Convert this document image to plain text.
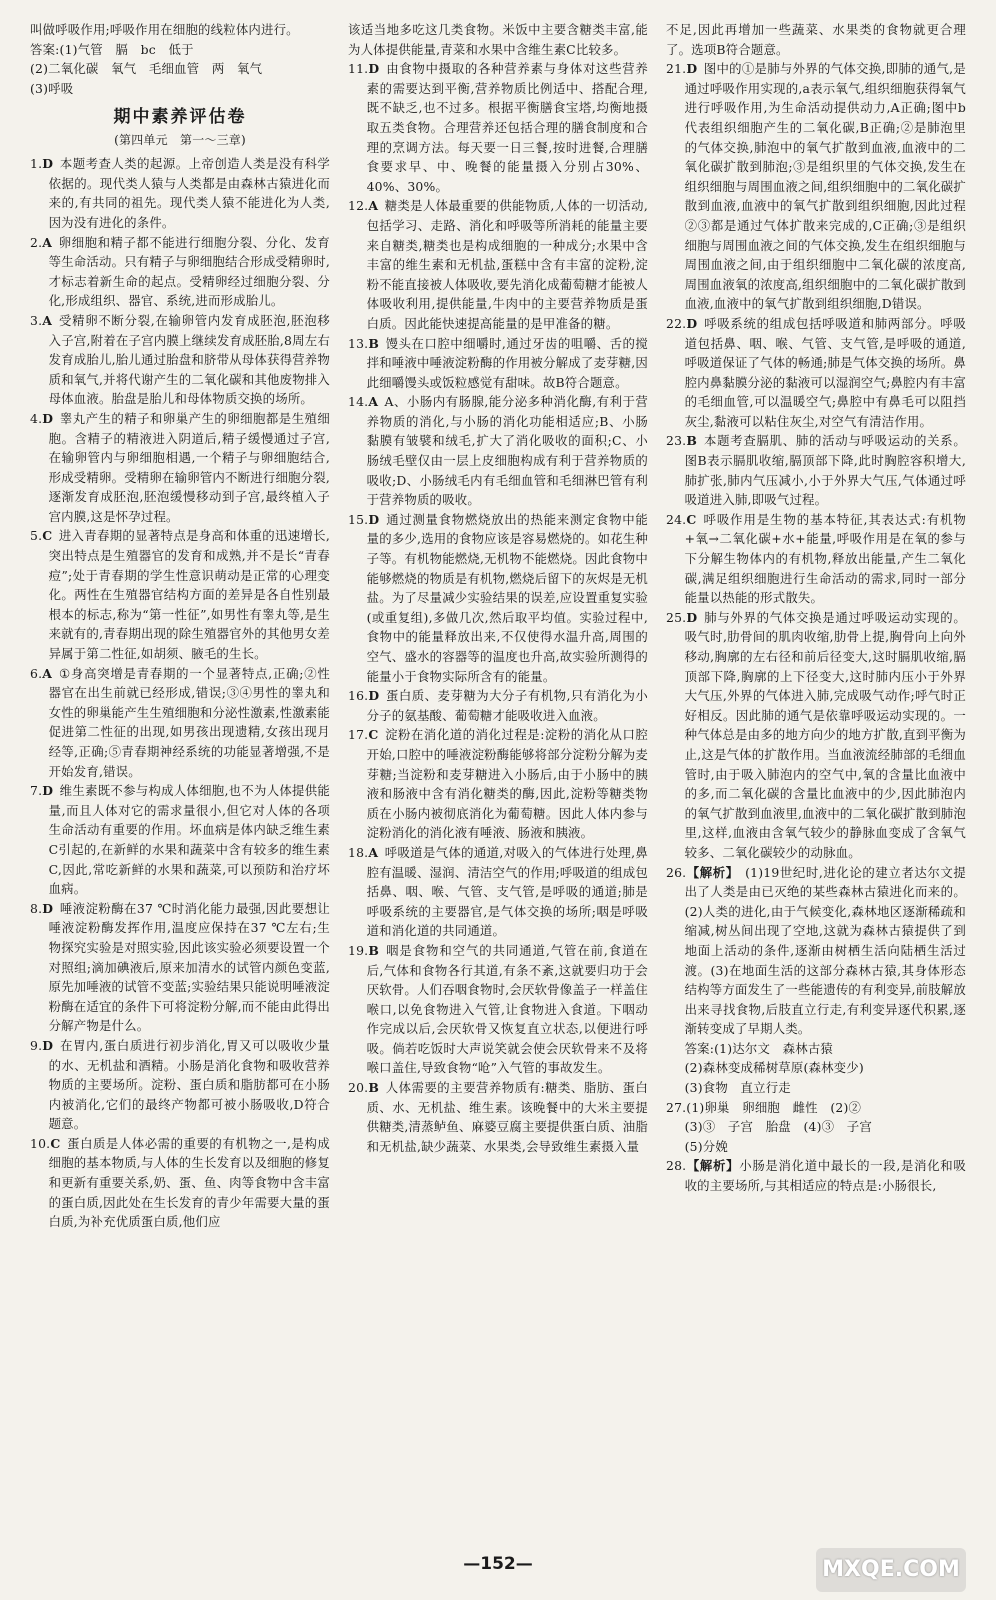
叫做呼吸作用;呼吸作用在细胞的线粒体内进行。

答案:(1)气管　膈　bc　低于

(2)二氧化碳　氧气　毛细血管　两　氧气

(3)呼吸

期中素养评估卷
(第四单元　第一～三章)

1.D  本题考查人类的起源。上帝创造人类是没有科学依据的。现代类人猿与人类都是由森林古猿进化而来的,有共同的祖先。现代类人猿不能进化为人类,因为没有进化的条件。

2.A  卵细胞和精子都不能进行细胞分裂、分化、发育等生命活动。只有精子与卵细胞结合形成受精卵时,才标志着新生命的起点。受精卵经过细胞分裂、分化,形成组织、器官、系统,进而形成胎儿。

3.A  受精卵不断分裂,在输卵管内发育成胚泡,胚泡移入子宫,附着在子宫内膜上继续发育成胚胎,8周左右发育成胎儿,胎儿通过胎盘和脐带从母体获得营养物质和氧气,并将代谢产生的二氧化碳和其他废物排入母体血液。胎盘是胎儿和母体物质交换的场所。

4.D  睾丸产生的精子和卵巢产生的卵细胞都是生殖细胞。含精子的精液进入阴道后,精子缓慢通过子宫,在输卵管内与卵细胞相遇,一个精子与卵细胞结合,形成受精卵。受精卵在输卵管内不断进行细胞分裂,逐渐发育成胚泡,胚泡缓慢移动到子宫,最终植入子宫内膜,这是怀孕过程。

5.C  进入青春期的显著特点是身高和体重的迅速增长,突出特点是生殖器官的发育和成熟,并不是长“青春痘”;处于青春期的学生性意识萌动是正常的心理变化。两性在生殖器官结构方面的差异是各自性别最根本的标志,称为“第一性征”,如男性有睾丸等,是生来就有的,青春期出现的除生殖器官外的其他男女差异属于第二性征,如胡须、腋毛的生长。

6.A  ①身高突增是青春期的一个显著特点,正确;②性器官在出生前就已经形成,错误;③④男性的睾丸和女性的卵巢能产生生殖细胞和分泌性激素,性激素能促进第二性征的出现,如男孩出现遗精,女孩出现月经等,正确;⑤青春期神经系统的功能显著增强,不是开始发育,错误。

7.D  维生素既不参与构成人体细胞,也不为人体提供能量,而且人体对它的需求量很小,但它对人体的各项生命活动有重要的作用。坏血病是体内缺乏维生素C引起的,在新鲜的水果和蔬菜中含有较多的维生素C,因此,常吃新鲜的水果和蔬菜,可以预防和治疗坏血病。

8.D  唾液淀粉酶在37 ℃时消化能力最强,因此要想让唾液淀粉酶发挥作用,温度应保持在37 ℃左右;生物探究实验是对照实验,因此该实验必须要设置一个对照组;滴加碘液后,原来加清水的试管内颜色变蓝,原先加唾液的试管不变蓝;实验结果只能说明唾液淀粉酶在适宜的条件下可将淀粉分解,而不能由此得出分解产物是什么。

9.D  在胃内,蛋白质进行初步消化,胃又可以吸收少量的水、无机盐和酒精。小肠是消化食物和吸收营养物质的主要场所。淀粉、蛋白质和脂肪都可在小肠内被消化,它们的最终产物都可被小肠吸收,D符合题意。

10.C  蛋白质是人体必需的重要的有机物之一,是构成细胞的基本物质,与人体的生长发育以及细胞的修复和更新有重要关系,奶、蛋、鱼、肉等食物中含丰富的蛋白质,因此处在生长发育的青少年需要大量的蛋白质,为补充优质蛋白质,他们应

该适当地多吃这几类食物。米饭中主要含糖类丰富,能为人体提供能量,青菜和水果中含维生素C比较多。

11.D  由食物中摄取的各种营养素与身体对这些营养素的需要达到平衡,营养物质比例适中、搭配合理,既不缺乏,也不过多。根据平衡膳食宝塔,均衡地摄取五类食物。合理营养还包括合理的膳食制度和合理的烹调方法。每天要一日三餐,按时进餐,合理膳食要求早、中、晚餐的能量摄入分别占30%、40%、30%。

12.A  糖类是人体最重要的供能物质,人体的一切活动,包括学习、走路、消化和呼吸等所消耗的能量主要来自糖类,糖类也是构成细胞的一种成分;水果中含丰富的维生素和无机盐,蛋糕中含有丰富的淀粉,淀粉不能直接被人体吸收,要先消化成葡萄糖才能被人体吸收利用,提供能量,牛肉中的主要营养物质是蛋白质。因此能快速提高能量的是甲准备的糖。

13.B  馒头在口腔中细嚼时,通过牙齿的咀嚼、舌的搅拌和唾液中唾液淀粉酶的作用被分解成了麦芽糖,因此细嚼馒头或饭粒感觉有甜味。故B符合题意。

14.A  A、小肠内有肠腺,能分泌多种消化酶,有利于营养物质的消化,与小肠的消化功能相适应;B、小肠黏膜有皱襞和绒毛,扩大了消化吸收的面积;C、小肠绒毛壁仅由一层上皮细胞构成有利于营养物质的吸收;D、小肠绒毛内有毛细血管和毛细淋巴管有利于营养物质的吸收。

15.D  通过测量食物燃烧放出的热能来测定食物中能量的多少,选用的食物应该是容易燃烧的。如花生种子等。有机物能燃烧,无机物不能燃烧。因此食物中能够燃烧的物质是有机物,燃烧后留下的灰烬是无机盐。为了尽量减少实验结果的误差,应设置重复实验(或重复组),多做几次,然后取平均值。实验过程中,食物中的能量释放出来,不仅使得水温升高,周围的空气、盛水的容器等的温度也升高,故实验所测得的能量小于食物实际所含有的能量。

16.D  蛋白质、麦芽糖为大分子有机物,只有消化为小分子的氨基酸、葡萄糖才能吸收进入血液。

17.C  淀粉在消化道的消化过程是:淀粉的消化从口腔开始,口腔中的唾液淀粉酶能够将部分淀粉分解为麦芽糖;当淀粉和麦芽糖进入小肠后,由于小肠中的胰液和肠液中含有消化糖类的酶,因此,淀粉等糖类物质在小肠内被彻底消化为葡萄糖。因此人体内参与淀粉消化的消化液有唾液、肠液和胰液。

18.A  呼吸道是气体的通道,对吸入的气体进行处理,鼻腔有温暖、湿润、清洁空气的作用;呼吸道的组成包括鼻、咽、喉、气管、支气管,是呼吸的通道;肺是呼吸系统的主要器官,是气体交换的场所;咽是呼吸道和消化道的共同通道。

19.B  咽是食物和空气的共同通道,气管在前,食道在后,气体和食物各行其道,有条不紊,这就要归功于会厌软骨。人们吞咽食物时,会厌软骨像盖子一样盖住喉口,以免食物进入气管,让食物进入食道。下咽动作完成以后,会厌软骨又恢复直立状态,以便进行呼吸。倘若吃饭时大声说笑就会使会厌软骨来不及将喉口盖住,导致食物“呛”入气管的事故发生。

20.B  人体需要的主要营养物质有:糖类、脂肪、蛋白质、水、无机盐、维生素。该晚餐中的大米主要提供糖类,清蒸鲈鱼、麻婆豆腐主要提供蛋白质、油脂和无机盐,缺少蔬菜、水果类,会导致维生素摄入量

不足,因此再增加一些蔬菜、水果类的食物就更合理了。选项B符合题意。

21.D  图中的①是肺与外界的气体交换,即肺的通气,是通过呼吸作用实现的,a表示氧气,组织细胞获得氧气进行呼吸作用,为生命活动提供动力,A正确;图中b代表组织细胞产生的二氧化碳,B正确;②是肺泡里的气体交换,肺泡中的氧气扩散到血液,血液中的二氧化碳扩散到肺泡;③是组织里的气体交换,发生在组织细胞与周围血液之间,组织细胞中的二氧化碳扩散到血液,血液中的氧气扩散到组织细胞,因此过程②③都是通过气体扩散来完成的,C正确;③是组织细胞与周围血液之间的气体交换,发生在组织细胞与周围血液之间,由于组织细胞中二氧化碳的浓度高,周围血液氧的浓度高,组织细胞中的二氧化碳扩散到血液,血液中的氧气扩散到组织细胞,D错误。

22.D  呼吸系统的组成包括呼吸道和肺两部分。呼吸道包括鼻、咽、喉、气管、支气管,是呼吸的通道,呼吸道保证了气体的畅通;肺是气体交换的场所。鼻腔内鼻黏膜分泌的黏液可以湿润空气;鼻腔内有丰富的毛细血管,可以温暖空气;鼻腔中有鼻毛可以阻挡灰尘,黏液可以粘住灰尘,对空气有清洁作用。

23.B  本题考查膈肌、肺的活动与呼吸运动的关系。图B表示膈肌收缩,膈顶部下降,此时胸腔容积增大,肺扩张,肺内气压减小,小于外界大气压,气体通过呼吸道进入肺,即吸气过程。

24.C  呼吸作用是生物的基本特征,其表达式:有机物+氧→二氧化碳+水+能量,呼吸作用是在氧的参与下分解生物体内的有机物,释放出能量,产生二氧化碳,满足组织细胞进行生命活动的需求,同时一部分能量以热能的形式散失。

25.D  肺与外界的气体交换是通过呼吸运动实现的。吸气时,肋骨间的肌肉收缩,肋骨上提,胸骨向上向外移动,胸廓的左右径和前后径变大,这时膈肌收缩,膈顶部下降,胸廓的上下径变大,这时肺内压小于外界大气压,外界的气体进入肺,完成吸气动作;呼气时正好相反。因此肺的通气是依靠呼吸运动实现的。一种气体总是由多的地方向少的地方扩散,直到平衡为止,这是气体的扩散作用。当血液流经肺部的毛细血管时,由于吸入肺泡内的空气中,氧的含量比血液中的多,而二氧化碳的含量比血液中的少,因此肺泡内的氧气扩散到血液里,血液中的二氧化碳扩散到肺泡里,这样,血液由含氧气较少的静脉血变成了含氧气较多、二氧化碳较少的动脉血。

26.【解析】  (1)19世纪时,进化论的建立者达尔文提出了人类是由已灭绝的某些森林古猿进化而来的。(2)人类的进化,由于气候变化,森林地区逐渐稀疏和缩减,树丛间出现了空地,这就为森林古猿提供了到地面上活动的条件,逐渐由树栖生活向陆栖生活过渡。(3)在地面生活的这部分森林古猿,其身体形态结构等方面发生了一些能遗传的有利变异,前肢解放出来寻找食物,后肢直立行走,有利变异逐代积累,逐渐转变成了早期人类。

答案:(1)达尔文　森林古猿

(2)森林变成稀树草原(森林变少)

(3)食物　直立行走

27.(1)卵巢　卵细胞　雌性　(2)②

(3)③　子宫　胎盘　(4)③　子宫

(5)分娩

28.【解析】小肠是消化道中最长的一段,是消化和吸收的主要场所,与其相适应的特点是:小肠很长,

—152—	MXQE.COM
